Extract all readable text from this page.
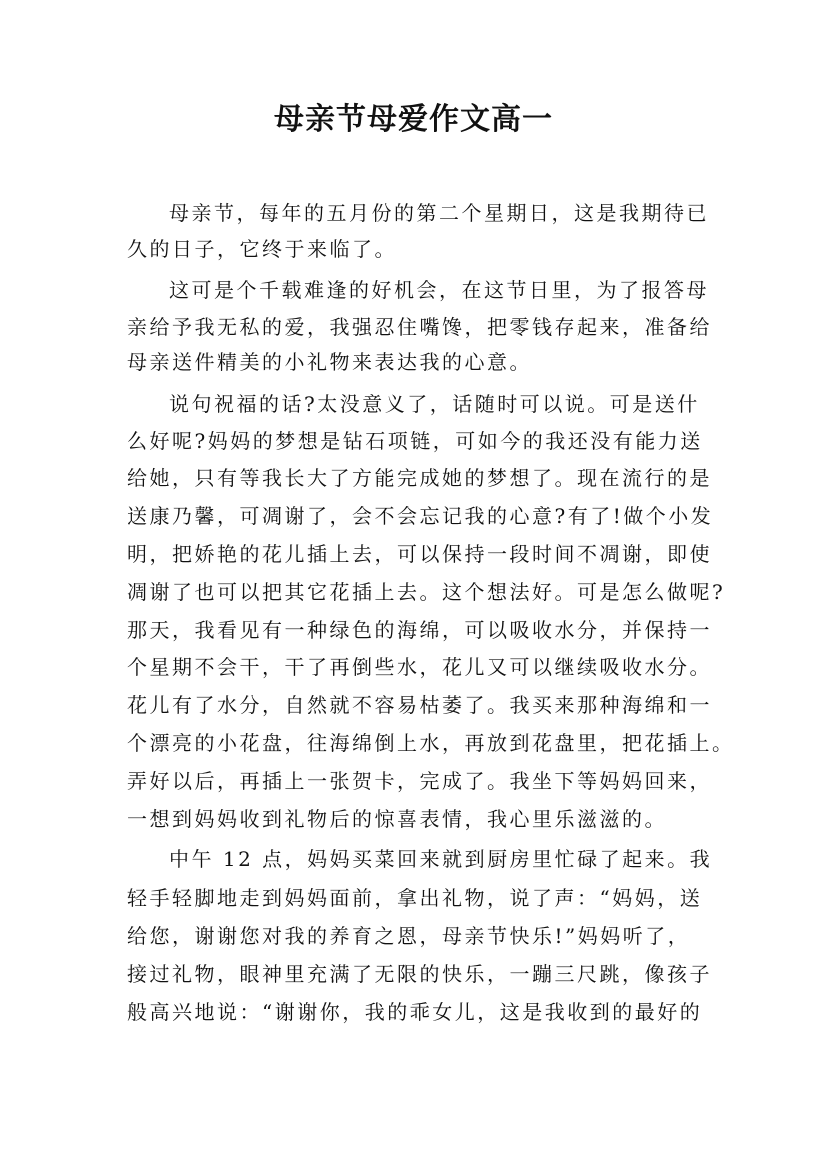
母亲节母爱作文高一

母亲节，每年的五月份的第二个星期日，这是我期待已

久的日子，它终于来临了。

这可是个千载难逢的好机会，在这节日里，为了报答母

亲给予我无私的爱，我强忍住嘴馋，把零钱存起来，准备给

母亲送件精美的小礼物来表达我的心意。

说句祝福的话?太没意义了，话随时可以说。可是送什

么好呢?妈妈的梦想是钻石项链，可如今的我还没有能力送

给她，只有等我长大了方能完成她的梦想了。现在流行的是

送康乃馨，可凋谢了，会不会忘记我的心意?有了!做个小发

明，把娇艳的花儿插上去，可以保持一段时间不凋谢，即使

凋谢了也可以把其它花插上去。这个想法好。可是怎么做呢?

那天，我看见有一种绿色的海绵，可以吸收水分，并保持一

个星期不会干，干了再倒些水，花儿又可以继续吸收水分。

花儿有了水分，自然就不容易枯萎了。我买来那种海绵和一

个漂亮的小花盘，往海绵倒上水，再放到花盘里，把花插上。

弄好以后，再插上一张贺卡，完成了。我坐下等妈妈回来，

一想到妈妈收到礼物后的惊喜表情，我心里乐滋滋的。

中午 12 点，妈妈买菜回来就到厨房里忙碌了起来。我

轻手轻脚地走到妈妈面前，拿出礼物，说了声：“妈妈，送

给您，谢谢您对我的养育之恩，母亲节快乐!”妈妈听了，

接过礼物，眼神里充满了无限的快乐，一蹦三尺跳，像孩子

般高兴地说：“谢谢你，我的乖女儿，这是我收到的最好的
